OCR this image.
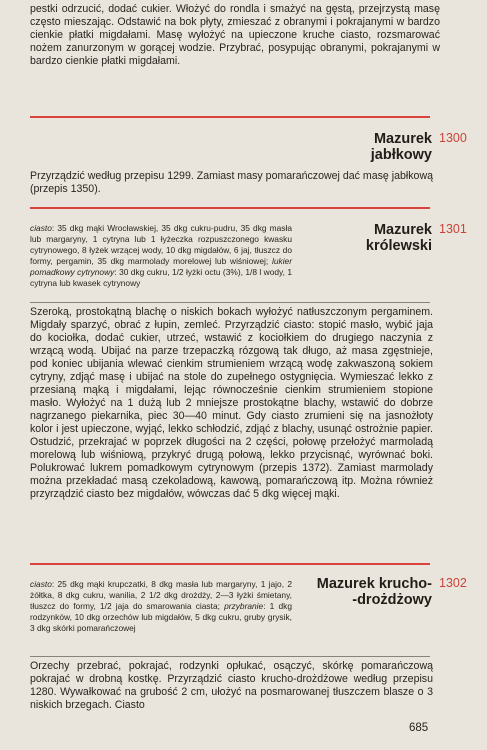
pestki odrzucić, dodać cukier. Włożyć do rondla i smażyć na gęstą, przejrzystą masę często mieszając. Odstawić na bok płyty, zmieszać z obranymi i pokrajanymi w bardzo cienkie płatki migdałami. Masę wyłożyć na upieczone kruche ciasto, rozsmarować nożem zanurzonym w gorącej wodzie. Przybrać, posypując obranymi, pokrajanymi w bardzo cienkie płatki migdałami.

Mazurek
jabłkowy
1300

Przyrządzić według przepisu 1299. Zamiast masy pomarańczowej dać masę jabłkową (przepis 1350).

Mazurek
królewski
1301

ciasto: 35 dkg mąki Wrocławskiej, 35 dkg cukru-pudru, 35 dkg masła lub margaryny, 1 cytryna lub 1 łyżeczka rozpuszczonego kwasku cytrynowego, 8 łyżek wrzącej wody, 10 dkg migdałów, 6 jaj, tłuszcz do formy, pergamin, 35 dkg marmolady morelowej lub wiśniowej; lukier pomadkowy cytrynowy: 30 dkg cukru, 1/2 łyżki octu (3%), 1/8 l wody, 1 cytryna lub kwasek cytrynowy

Szeroką, prostokątną blachę o niskich bokach wyłożyć natłuszczonym pergaminem. Migdały sparzyć, obrać z łupin, zemleć. Przyrządzić ciasto: stopić masło, wybić jaja do kociołka, dodać cukier, utrzeć, wstawić z kociołkiem do drugiego naczynia z wrzącą wodą. Ubijać na parze trzepaczką rózgową tak długo, aż masa zgęstnieje, pod koniec ubijania wlewać cienkim strumieniem wrzącą wodę zakwaszoną sokiem cytryny, zdjąć masę i ubijać na stole do zupełnego ostygnięcia. Wymieszać lekko z przesianą mąką i migdałami, lejąc równocześnie cienkim strumieniem stopione masło. Wyłożyć na 1 dużą lub 2 mniejsze prostokątne blachy, wstawić do dobrze nagrzanego piekarnika, piec 30—40 minut. Gdy ciasto zrumieni się na jasnożłoty kolor i jest upieczone, wyjąć, lekko schłodzić, zdjąć z blachy, usunąć ostrożnie papier. Ostudzić, przekrajać w poprzek długości na 2 części, połowę przełożyć marmoladą morelową lub wiśniową, przykryć drugą połową, lekko przycisnąć, wyrównać boki. Polukrować lukrem pomadkowym cytrynowym (przepis 1372). Zamiast marmolady można przekładać masą czekoladową, kawową, pomarańczową itp. Można również przyrządzić ciasto bez migdałów, wówczas dać 5 dkg więcej mąki.

Mazurek krucho-
-drożdżowy
1302

ciasto: 25 dkg mąki krupczatki, 8 dkg masła lub margaryny, 1 jajo, 2 żółtka, 8 dkg cukru, wanilia, 2 1/2 dkg drożdży, 2—3 łyżki śmietany, tłuszcz do formy, 1/2 jaja do smarowania ciasta; przybranie: 1 dkg rodzynków, 10 dkg orzechów lub migdałów, 5 dkg cukru, gruby grysik, 3 dkg skórki pomarańczowej

Orzechy przebrać, pokrajać, rodzynki opłukać, osączyć, skórkę pomarańczową pokrajać w drobną kostkę. Przyrządzić ciasto krucho-drożdżowe według przepisu 1280. Wywałkować na grubość 2 cm, ułożyć na posmarowanej tłuszczem blasze o 3 niskich brzegach. Ciasto

685
